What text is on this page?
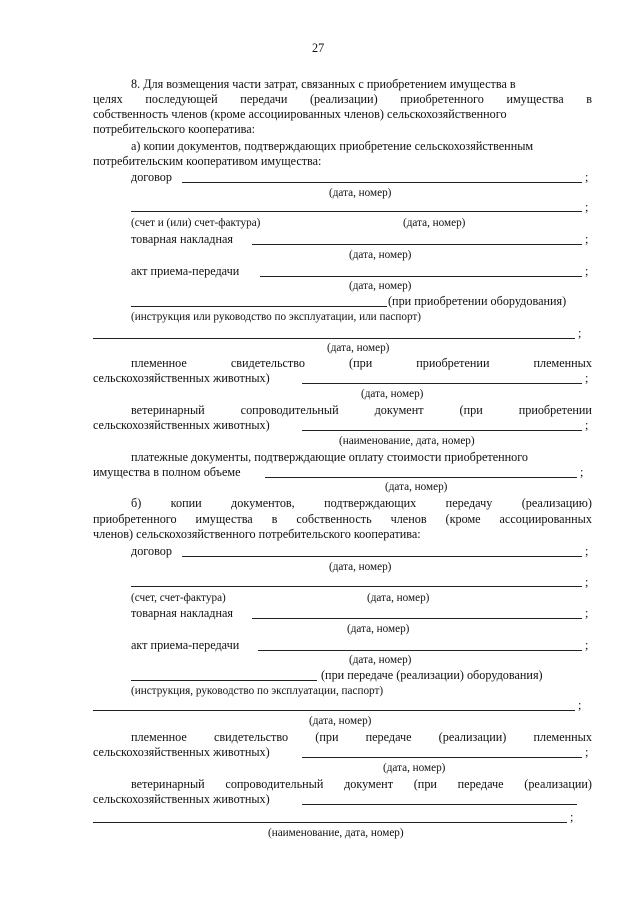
27
8. Для возмещения части затрат, связанных с приобретением имущества в
целях последующей передачи (реализации) приобретенного имущества в
собственность членов (кроме ассоциированных членов) сельскохозяйственного
потребительского кооператива:
а) копии документов, подтверждающих приобретение сельскохозяйственным
потребительским кооперативом имущества:
договор	;
(дата, номер)
;
(счет и (или) счет-фактура)	(дата, номер)
товарная накладная	;
(дата, номер)
акт приема-передачи	;
(дата, номер)
(при приобретении оборудования)
(инструкция или руководство по эксплуатации, или паспорт)
;
(дата, номер)
племенное	свидетельство	(при	приобретении	племенных
сельскохозяйственных животных)	;
(дата, номер)
ветеринарный	сопроводительный	документ	(при	приобретении
сельскохозяйственных животных)	;
(наименование, дата, номер)
платежные документы, подтверждающие оплату стоимости приобретенного
имущества в полном объеме	;
(дата, номер)
б) копии документов, подтверждающих передачу (реализацию)
приобретенного имущества в собственность членов (кроме ассоциированных
членов) сельскохозяйственного потребительского кооператива:
договор	;
(дата, номер)
;
(счет, счет-фактура)	(дата, номер)
товарная накладная	;
(дата, номер)
акт приема-передачи	;
(дата, номер)
(при передаче (реализации) оборудования)
(инструкция, руководство по эксплуатации, паспорт)
;
(дата, номер)
племенное свидетельство (при передаче (реализации) племенных
сельскохозяйственных животных)	;
(дата, номер)
ветеринарный сопроводительный документ (при передаче (реализации)
сельскохозяйственных животных)
;
(наименование, дата, номер)
